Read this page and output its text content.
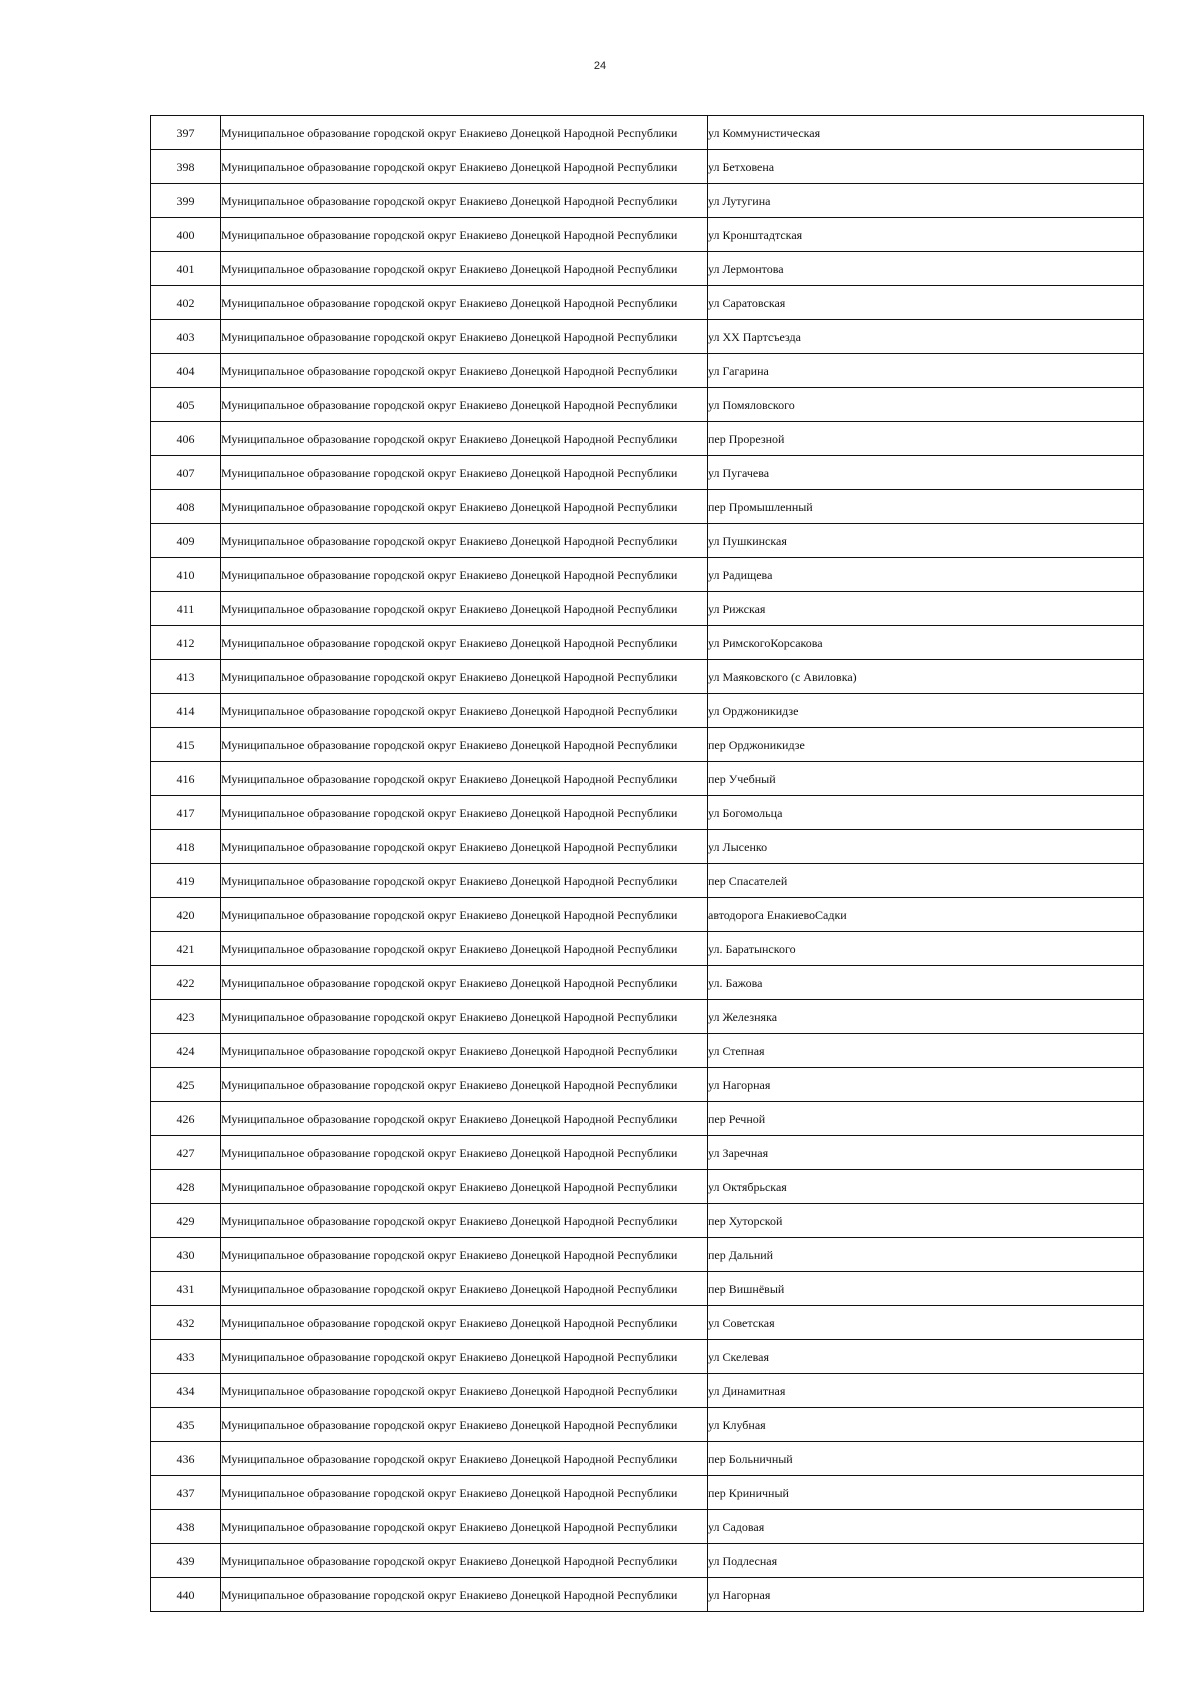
24
397	Муниципальное образование городской округ Енакиево Донецкой Народной Республики	ул Коммунистическая

398	Муниципальное образование городской округ Енакиево Донецкой Народной Республики	ул Бетховена

399	Муниципальное образование городской округ Енакиево Донецкой Народной Республики	ул Лутугина

400	Муниципальное образование городской округ Енакиево Донецкой Народной Республики	ул Кронштадтская

401	Муниципальное образование городской округ Енакиево Донецкой Народной Республики	ул Лермонтова

402	Муниципальное образование городской округ Енакиево Донецкой Народной Республики	ул Саратовская

403	Муниципальное образование городской округ Енакиево Донецкой Народной Республики	ул ХХ Партсъезда

404	Муниципальное образование городской округ Енакиево Донецкой Народной Республики	ул Гагарина

405	Муниципальное образование городской округ Енакиево Донецкой Народной Республики	ул Помяловского

406	Муниципальное образование городской округ Енакиево Донецкой Народной Республики	пер Прорезной

407	Муниципальное образование городской округ Енакиево Донецкой Народной Республики	ул Пугачева

408	Муниципальное образование городской округ Енакиево Донецкой Народной Республики	пер Промышленный

409	Муниципальное образование городской округ Енакиево Донецкой Народной Республики	ул Пушкинская

410	Муниципальное образование городской округ Енакиево Донецкой Народной Республики	ул Радищева

411	Муниципальное образование городской округ Енакиево Донецкой Народной Республики	ул Рижская

412	Муниципальное образование городской округ Енакиево Донецкой Народной Республики	ул РимскогоКорсакова

413	Муниципальное образование городской округ Енакиево Донецкой Народной Республики	ул Маяковского (с Авиловка)

414	Муниципальное образование городской округ Енакиево Донецкой Народной Республики	ул Орджоникидзе

415	Муниципальное образование городской округ Енакиево Донецкой Народной Республики	пер Орджоникидзе

416	Муниципальное образование городской округ Енакиево Донецкой Народной Республики	пер Учебный

417	Муниципальное образование городской округ Енакиево Донецкой Народной Республики	ул Богомольца

418	Муниципальное образование городской округ Енакиево Донецкой Народной Республики	ул Лысенко

419	Муниципальное образование городской округ Енакиево Донецкой Народной Республики	пер Спасателей

420	Муниципальное образование городской округ Енакиево Донецкой Народной Республики	автодорога ЕнакиевоСадки

421	Муниципальное образование городской округ Енакиево Донецкой Народной Республики	ул. Баратынского

422	Муниципальное образование городской округ Енакиево Донецкой Народной Республики	ул. Бажова

423	Муниципальное образование городской округ Енакиево Донецкой Народной Республики	ул Железняка

424	Муниципальное образование городской округ Енакиево Донецкой Народной Республики	ул Степная

425	Муниципальное образование городской округ Енакиево Донецкой Народной Республики	ул Нагорная

426	Муниципальное образование городской округ Енакиево Донецкой Народной Республики	пер Речной

427	Муниципальное образование городской округ Енакиево Донецкой Народной Республики	ул Заречная

428	Муниципальное образование городской округ Енакиево Донецкой Народной Республики	ул Октябрьская

429	Муниципальное образование городской округ Енакиево Донецкой Народной Республики	пер Хуторской

430	Муниципальное образование городской округ Енакиево Донецкой Народной Республики	пер Дальний

431	Муниципальное образование городской округ Енакиево Донецкой Народной Республики	пер Вишнёвый

432	Муниципальное образование городской округ Енакиево Донецкой Народной Республики	ул Советская

433	Муниципальное образование городской округ Енакиево Донецкой Народной Республики	ул Скелевая

434	Муниципальное образование городской округ Енакиево Донецкой Народной Республики	ул Динамитная

435	Муниципальное образование городской округ Енакиево Донецкой Народной Республики	ул Клубная

436	Муниципальное образование городской округ Енакиево Донецкой Народной Республики	пер Больничный

437	Муниципальное образование городской округ Енакиево Донецкой Народной Республики	пер Криничный

438	Муниципальное образование городской округ Енакиево Донецкой Народной Республики	ул Садовая

439	Муниципальное образование городской округ Енакиево Донецкой Народной Республики	ул Подлесная

440	Муниципальное образование городской округ Енакиево Донецкой Народной Республики	ул Нагорная
